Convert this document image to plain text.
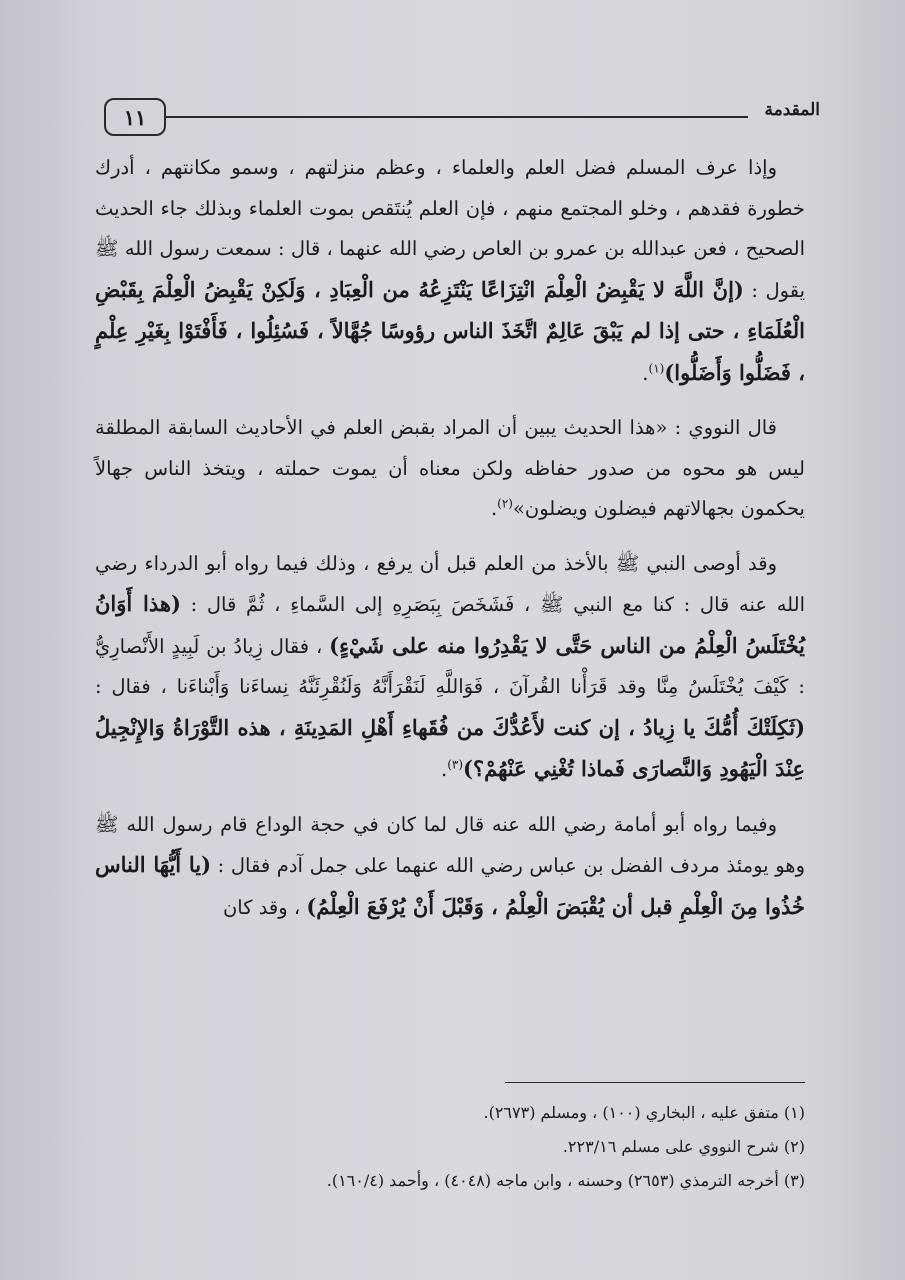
١١	المقدمة

وإذا عرف المسلم فضل العلم والعلماء ، وعظم منزلتهم ، وسمو مكانتهم ، أدرك خطورة فقدهم ، وخلو المجتمع منهم ، فإن العلم يُنتَقص بموت العلماء وبذلك جاء الحديث الصحيح ، فعن عبدالله بن عمرو بن العاص رضي الله عنهما ، قال : سمعت رسول الله ﷺ يقول : (إنَّ اللَّهَ لا يَقْبِضُ الْعِلْمَ انْتِزَاعًا يَنْتَزِعُهُ من الْعِبَادِ ، وَلَكِنْ يَقْبِضُ الْعِلْمَ بِقَبْضِ الْعُلَمَاءِ ، حتى إذا لم يَبْقَ عَالِمٌ اتَّخَذَ الناس رؤوسًا جُهَّالاً ، فَسُئِلُوا ، فَأَفْتَوْا بِغَيْرِ عِلْمٍ ، فَضَلُّوا وَأَضَلُّوا)$^{(١)}$.

قال النووي : «هذا الحديث يبين أن المراد بقبض العلم في الأحاديث السابقة المطلقة ليس هو محوه من صدور حفاظه ولكن معناه أن يموت حملته ، ويتخذ الناس جهالاً يحكمون بجهالاتهم فيضلون ويضلون»$^{(٢)}$.

وقد أوصى النبي ﷺ بالأخذ من العلم قبل أن يرفع ، وذلك فيما رواه أبو الدرداء رضي الله عنه قال : كنا مع النبي ﷺ ، فَشَخَصَ بِبَصَرِهِ إلى السَّماءِ ، ثُمَّ قال : (هذا أَوَانُ يُخْتَلَسُ الْعِلْمُ من الناس حَتَّى لا يَقْدِرُوا منه على شَيْءٍ) ، فقال زِيادُ بن لَبِيدٍ الأَنْصارِيُّ : كَيْفَ يُخْتَلَسُ مِنَّا وقد قَرَأْنا القُرآنَ ، فَوَاللَّهِ لَنَقْرَأَنَّهُ وَلَنُقْرِئَنَّهُ نِساءَنا وَأَبْناءَنا ، فقال : (ثَكِلَتْكَ أُمُّكَ يا زِيادُ ، إن كنت لأَعُدُّكَ من فُقَهاءِ أَهْلِ المَدِينَةِ ، هذه التَّوْرَاةُ وَالإِنْجِيلُ عِنْدَ الْيَهُودِ وَالنَّصارَى فَماذا تُغْنِي عَنْهُمْ؟)$^{(٣)}$.

وفيما رواه أبو أمامة رضي الله عنه قال لما كان في حجة الوداع قام رسول الله ﷺ وهو يومئذ مردف الفضل بن عباس رضي الله عنهما على جمل آدم فقال : (يا أَيُّهَا الناس خُذُوا مِنَ الْعِلْمِ قبل أن يُقْبَضَ الْعِلْمُ ، وَقَبْلَ أَنْ يُرْفَعَ الْعِلْمُ) ، وقد كان

(١) متفق عليه ، البخاري (١٠٠) ، ومسلم (٢٦٧٣).
(٢) شرح النووي على مسلم ٢٢٣/١٦.
(٣) أخرجه الترمذي (٢٦٥٣) وحسنه ، وابن ماجه (٤٠٤٨) ، وأحمد (١٦٠/٤).
